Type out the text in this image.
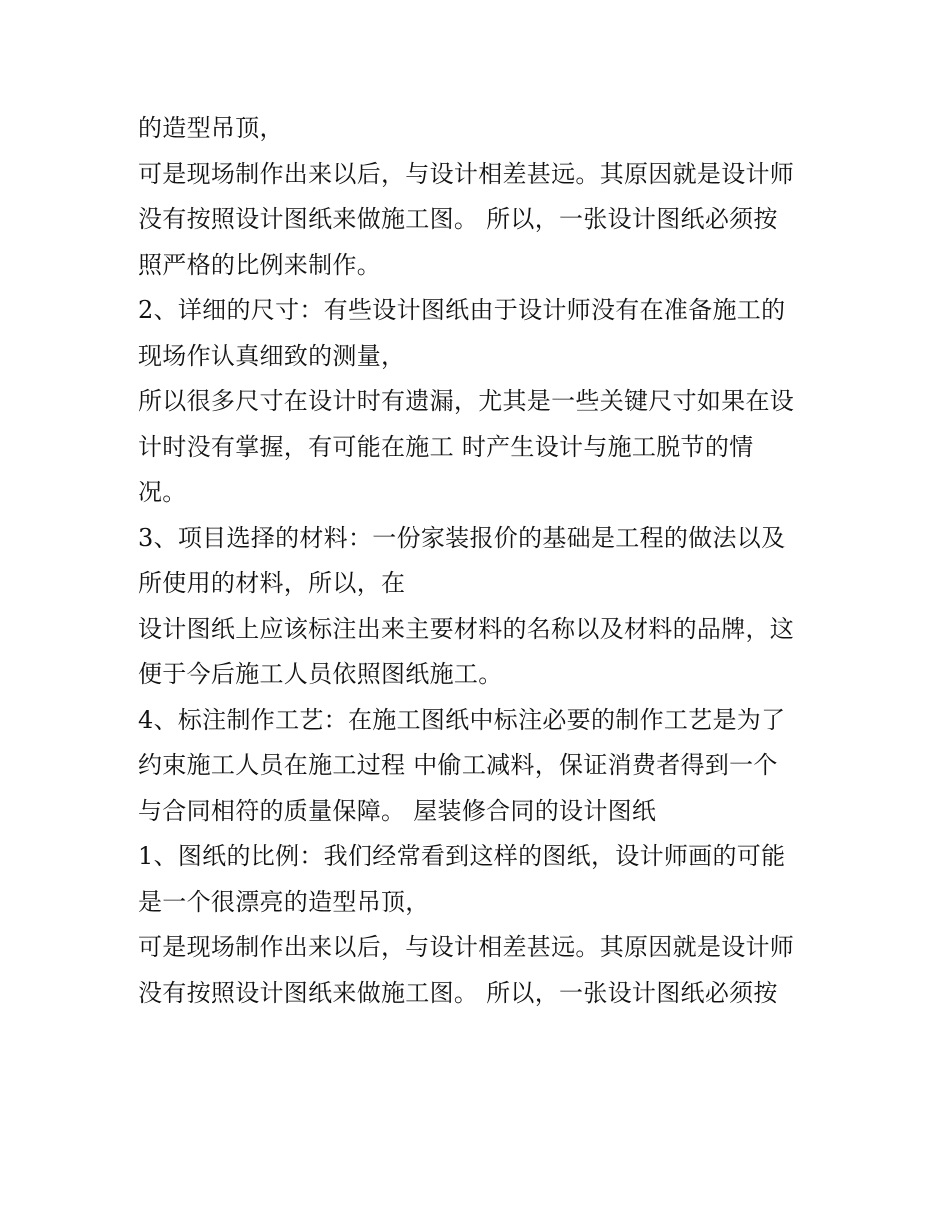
的造型吊顶，
可是现场制作出来以后，与设计相差甚远。其原因就是设计师
没有按照设计图纸来做施工图。 所以，一张设计图纸必须按
照严格的比例来制作。
2、详细的尺寸：有些设计图纸由于设计师没有在准备施工的
现场作认真细致的测量，
所以很多尺寸在设计时有遗漏，尤其是一些关键尺寸如果在设
计时没有掌握，有可能在施工 时产生设计与施工脱节的情
况。
3、项目选择的材料：一份家装报价的基础是工程的做法以及
所使用的材料，所以，在
设计图纸上应该标注出来主要材料的名称以及材料的品牌，这
便于今后施工人员依照图纸施工。
4、标注制作工艺：在施工图纸中标注必要的制作工艺是为了
约束施工人员在施工过程 中偷工减料，保证消费者得到一个
与合同相符的质量保障。 屋装修合同的设计图纸
1、图纸的比例：我们经常看到这样的图纸，设计师画的可能
是一个很漂亮的造型吊顶，
可是现场制作出来以后，与设计相差甚远。其原因就是设计师
没有按照设计图纸来做施工图。 所以，一张设计图纸必须按
